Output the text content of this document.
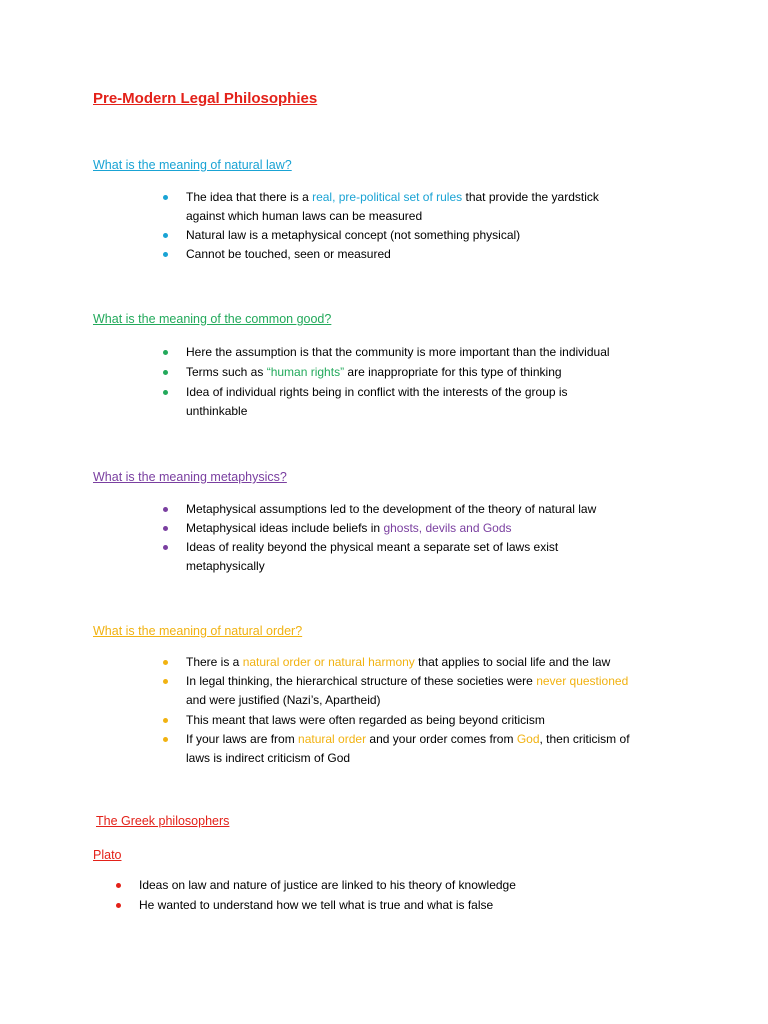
Pre-Modern Legal Philosophies
What is the meaning of natural law?
The idea that there is a real, pre-political set of rules that provide the yardstick
against which human laws can be measured
Natural law is a metaphysical concept (not something physical)
Cannot be touched, seen or measured
What is the meaning of the common good?
Here the assumption is that the community is more important than the individual
Terms such as “human rights” are inappropriate for this type of thinking
Idea of individual rights being in conflict with the interests of the group is
unthinkable
What is the meaning metaphysics?
Metaphysical assumptions led to the development of the theory of natural law
Metaphysical ideas include beliefs in ghosts, devils and Gods
Ideas of reality beyond the physical meant a separate set of laws exist
metaphysically
What is the meaning of natural order?
There is a natural order or natural harmony that applies to social life and the law
In legal thinking, the hierarchical structure of these societies were never questioned
and were justified (Nazi’s, Apartheid)
This meant that laws were often regarded as being beyond criticism
If your laws are from natural order and your order comes from God, then criticism of
laws is indirect criticism of God
The Greek philosophers
Plato
Ideas on law and nature of justice are linked to his theory of knowledge
He wanted to understand how we tell what is true and what is false
